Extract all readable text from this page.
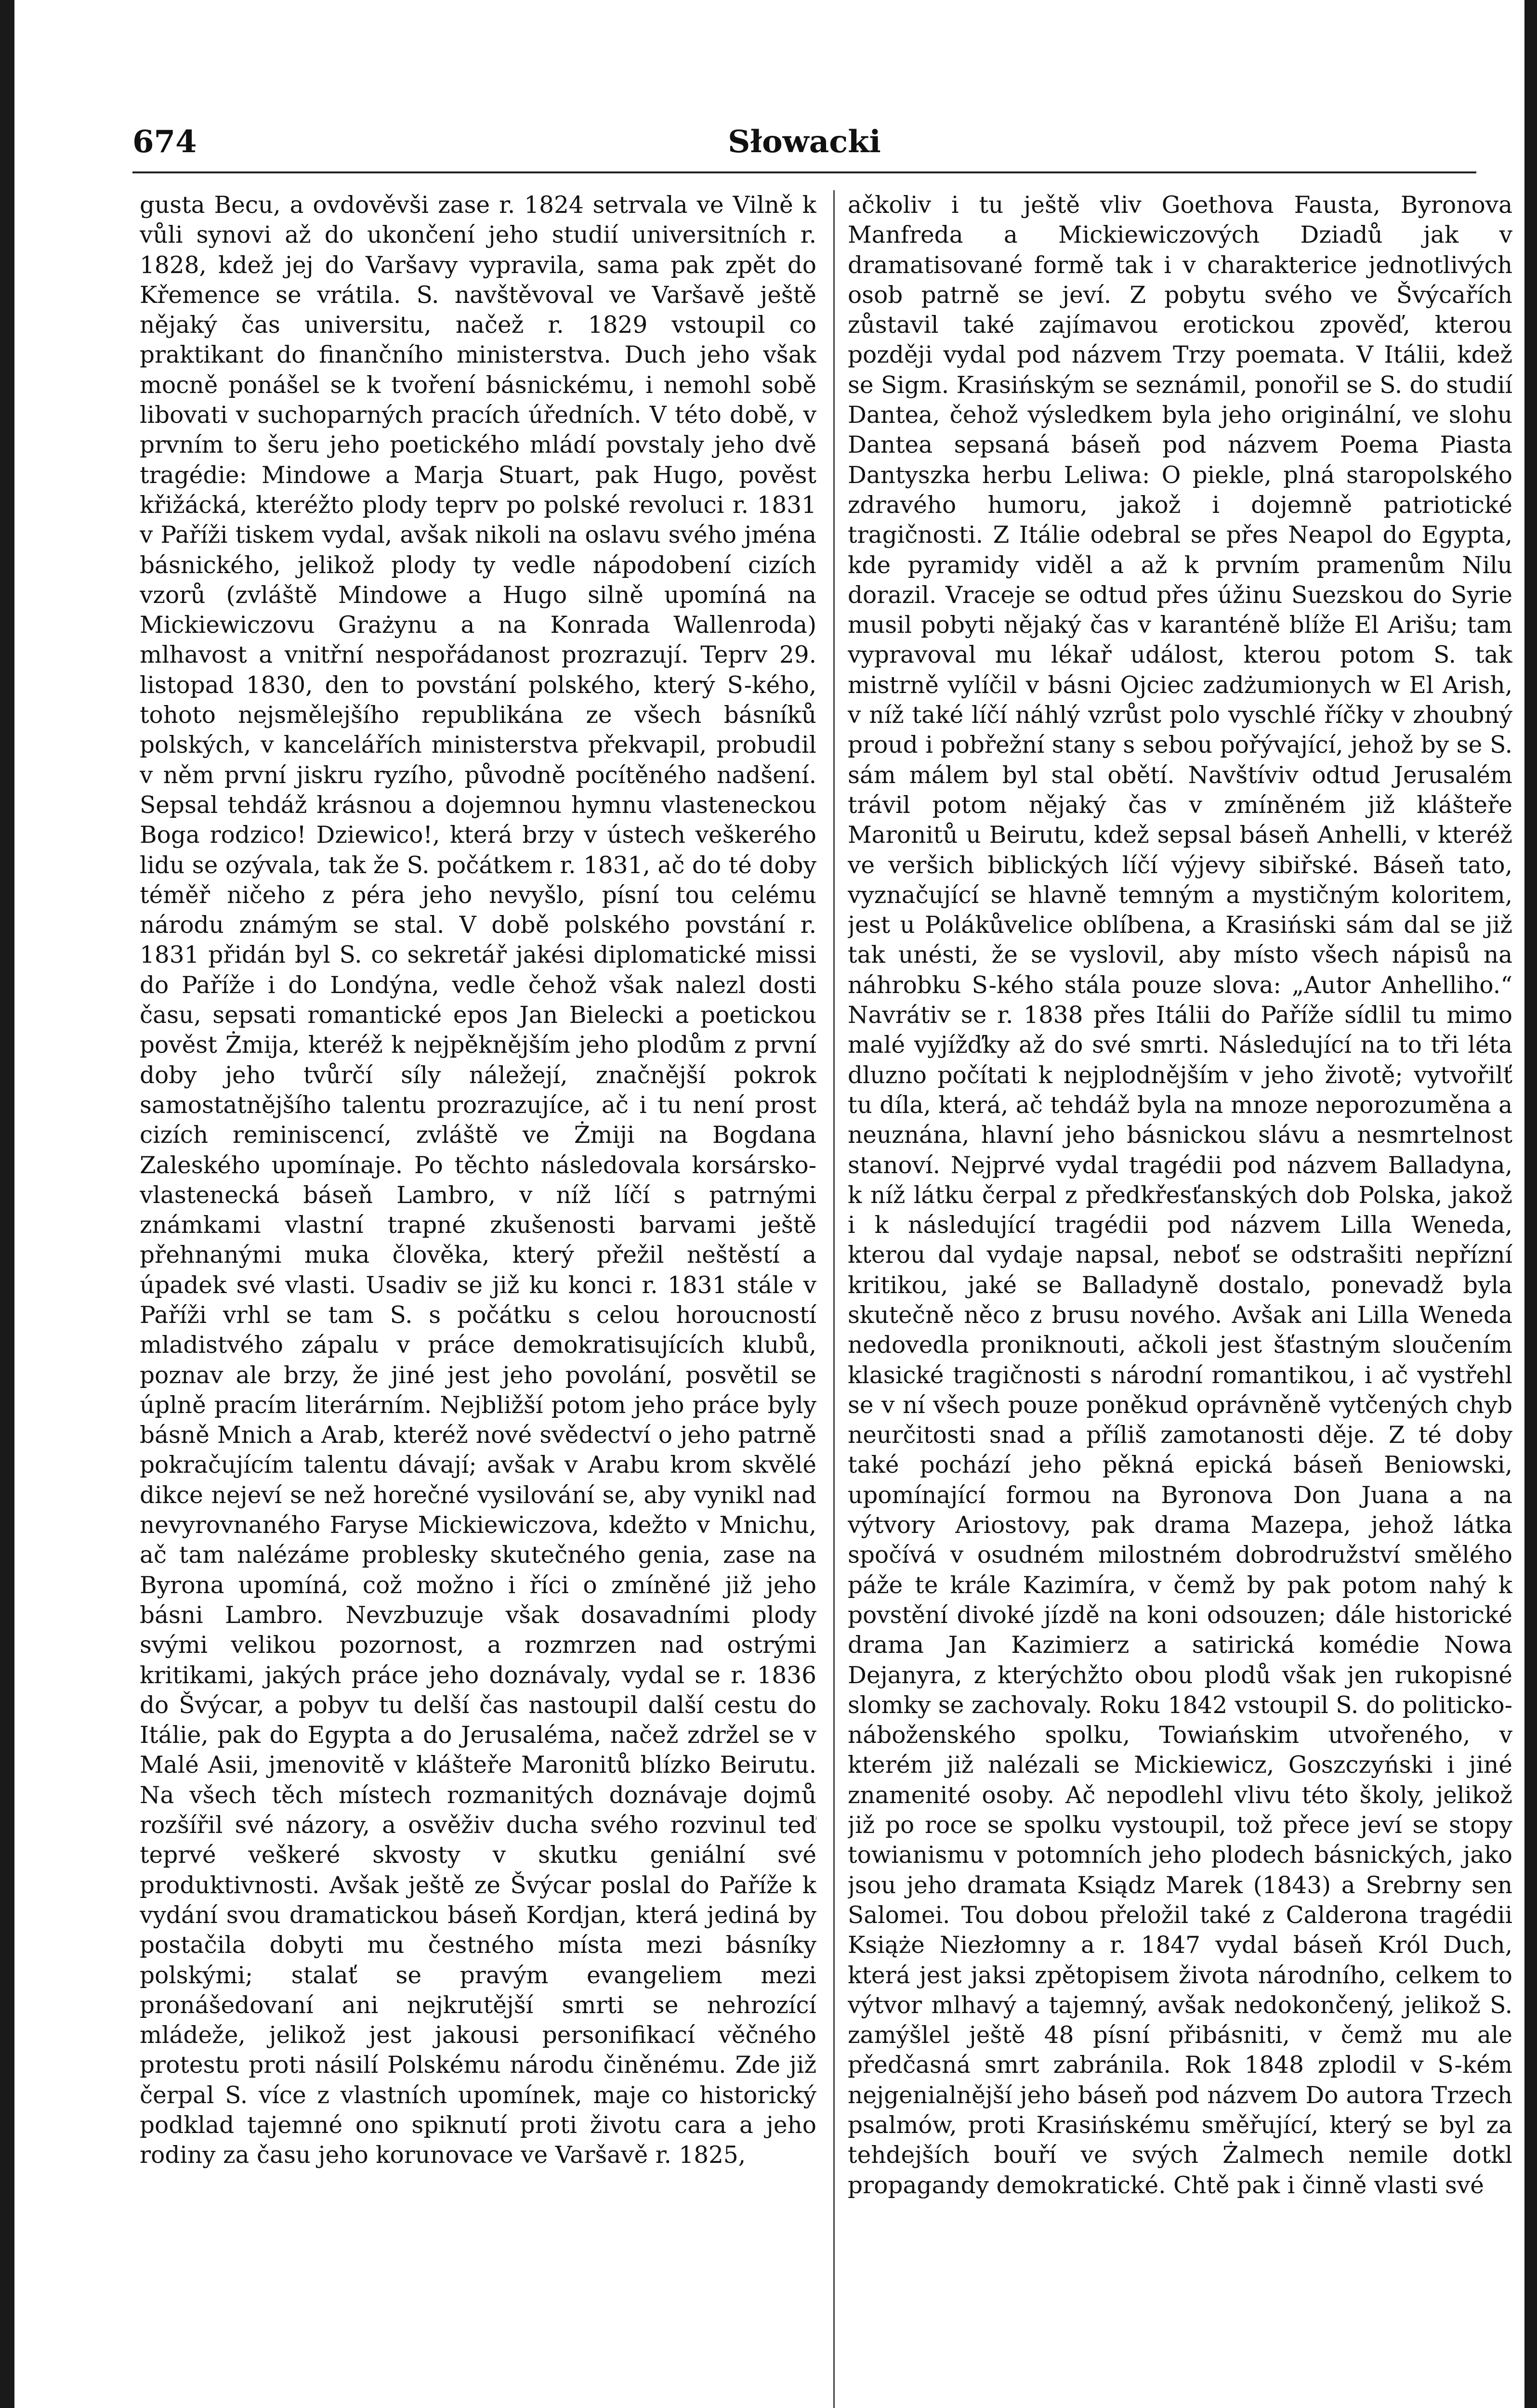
674	Słowacki

gusta Becu, a ovdověvši zase r. 1824 setrvala ve Vilně k vůli synovi až do ukončení jeho studií universitních r. 1828, kdež jej do Varšavy vypravila, sama pak zpět do Křemence se vrátila. S. navštěvoval ve Varšavě ještě nějaký čas universitu, načež r. 1829 vstoupil co praktikant do finančního ministerstva. Duch jeho však mocně ponášel se k tvoření básnickému, i nemohl sobě libovati v suchoparných pracích úředních. V této době, v prvním to šeru jeho poetického mládí povstaly jeho dvě tragédie: Mindowe a Marja Stuart, pak Hugo, pověst křižácká, kteréžto plody teprv po polské revoluci r. 1831 v Paříži tiskem vydal, avšak nikoli na oslavu svého jména básnického, jelikož plody ty vedle nápodobení cizích vzorů (zvláště Mindowe a Hugo silně upomíná na Mickiewiczovu Grażynu a na Konrada Wallenroda) mlhavost a vnitřní nespořádanost prozrazují. Teprv 29. listopad 1830, den to povstání polského, který S-kého, tohoto nejsmělejšího republikána ze všech básníků polských, v kancelářích ministerstva překvapil, probudil v něm první jiskru ryzího, původně pocítěného nadšení. Sepsal tehdáž krásnou a dojemnou hymnu vlasteneckou Boga rodzico! Dziewico!, která brzy v ústech veškerého lidu se ozývala, tak že S. počátkem r. 1831, ač do té doby téměř ničeho z péra jeho nevyšlo, písní tou celému národu známým se stal. V době polského povstání r. 1831 přidán byl S. co sekretář jakési diplomatické missi do Paříže i do Londýna, vedle čehož však nalezl dosti času, sepsati romantické epos Jan Bielecki a poetickou pověst Żmija, kteréž k nejpěknějším jeho plodům z první doby jeho tvůrčí síly náležejí, značnější pokrok samostatnějšího talentu prozrazujíce, ač i tu není prost cizích reminiscencí, zvláště ve Żmiji na Bogdana Zaleského upomínaje. Po těchto následovala korsársko-vlastenecká báseň Lambro, v níž líčí s patrnými známkami vlastní trapné zkušenosti barvami ještě přehnanými muka člověka, který přežil neštěstí a úpadek své vlasti. Usadiv se již ku konci r. 1831 stále v Paříži vrhl se tam S. s počátku s celou horoucností mladistvého zápalu v práce demokratisujících klubů, poznav ale brzy, že jiné jest jeho povolání, posvětil se úplně pracím literárním. Nejbližší potom jeho práce byly básně Mnich a Arab, kteréž nové svědectví o jeho patrně pokračujícím talentu dávají; avšak v Arabu krom skvělé dikce nejeví se než horečné vysilování se, aby vynikl nad nevyrovnaného Faryse Mickiewiczova, kdežto v Mnichu, ač tam nalézáme problesky skutečného genia, zase na Byrona upomíná, což možno i říci o zmíněné již jeho básni Lambro. Nevzbuzuje však dosavadními plody svými velikou pozornost, a rozmrzen nad ostrými kritikami, jakých práce jeho doznávaly, vydal se r. 1836 do Švýcar, a pobyv tu delší čas nastoupil další cestu do Itálie, pak do Egypta a do Jerusaléma, načež zdržel se v Malé Asii, jmenovitě v klášteře Maronitů blízko Beirutu. Na všech těch místech rozmanitých doznávaje dojmů rozšířil své názory, a osvěživ ducha svého rozvinul teď teprvé veškeré skvosty v skutku geniální své produktivnosti. Avšak ještě ze Švýcar poslal do Paříže k vydání svou dramatickou báseň Kordjan, která jediná by postačila dobyti mu čestného místa mezi básníky polskými; stalať se pravým evangeliem mezi pronášedovaní ani nejkrutější smrti se nehrozící mládeže, jelikož jest jakousi personifikací věčného protestu proti násilí Polskému národu činěnému. Zde již čerpal S. více z vlastních upomínek, maje co historický podklad tajemné ono spiknutí proti životu cara a jeho rodiny za času jeho korunovace ve Varšavě r. 1825,

ačkoliv i tu ještě vliv Goethova Fausta, Byronova Manfreda a Mickiewiczových Dziadů jak v dramatisované formě tak i v charakterice jednotlivých osob patrně se jeví. Z pobytu svého ve Švýcařích zůstavil také zajímavou erotickou zpověď, kterou později vydal pod názvem Trzy poemata. V Itálii, kdež se Sigm. Krasińským se seznámil, ponořil se S. do studií Dantea, čehož výsledkem byla jeho originální, ve slohu Dantea sepsaná báseň pod názvem Poema Piasta Dantyszka herbu Leliwa: O piekle, plná staropolského zdravého humoru, jakož i dojemně patriotické tragičnosti. Z Itálie odebral se přes Neapol do Egypta, kde pyramidy viděl a až k prvním pramenům Nilu dorazil. Vraceje se odtud přes úžinu Suezskou do Syrie musil pobyti nějaký čas v karanténě blíže El Arišu; tam vypravoval mu lékař událost, kterou potom S. tak mistrně vylíčil v básni Ojciec zadżumionych w El Arish, v níž také líčí náhlý vzrůst polo vyschlé říčky v zhoubný proud i pobřežní stany s sebou pořývající, jehož by se S. sám málem byl stal obětí. Navštíviv odtud Jerusalém trávil potom nějaký čas v zmíněném již klášteře Maronitů u Beirutu, kdež sepsal báseň Anhelli, v kteréž ve veršich biblických líčí výjevy sibiřské. Báseň tato, vyznačující se hlavně temným a mystičným koloritem, jest u Polákůvelice oblíbena, a Krasiński sám dal se již tak unésti, že se vyslovil, aby místo všech nápisů na náhrobku S-kého stála pouze slova: „Autor Anhelliho.“ Navrátiv se r. 1838 přes Itálii do Paříže sídlil tu mimo malé vyjížďky až do své smrti. Následující na to tři léta dluzno počítati k nejplodnějším v jeho životě; vytvořilť tu díla, která, ač tehdáž byla na mnoze neporozuměna a neuznána, hlavní jeho básnickou slávu a nesmrtelnost stanoví. Nejprvé vydal tragédii pod názvem Balladyna, k níž látku čerpal z předkřesťanských dob Polska, jakož i k následující tragédii pod názvem Lilla Weneda, kterou dal vydaje napsal, neboť se odstrašiti nepřízní kritikou, jaké se Balladyně dostalo, ponevadž byla skutečně něco z brusu nového. Avšak ani Lilla Weneda nedovedla proniknouti, ačkoli jest šťastným sloučením klasické tragičnosti s národní romantikou, i ač vystřehl se v ní všech pouze poněkud oprávněně vytčených chyb neurčitosti snad a příliš zamotanosti děje. Z té doby také pochází jeho pěkná epická báseň Beniowski, upomínající formou na Byronova Don Juana a na výtvory Ariostovy, pak drama Mazepa, jehož látka spočívá v osudném milostném dobrodružství smělého páže te krále Kazimíra, v čemž by pak potom nahý k povstění divoké jízdě na koni odsouzen; dále historické drama Jan Kazimierz a satirická komédie Nowa Dejanyra, z kterýchžto obou plodů však jen rukopisné slomky se zachovaly. Roku 1842 vstoupil S. do politicko-náboženského spolku, Towiańskim utvořeného, v kterém již nalézali se Mickiewicz, Goszczyński i jiné znamenité osoby. Ač nepodlehl vlivu této školy, jelikož již po roce se spolku vystoupil, tož přece jeví se stopy towianismu v potomních jeho plodech básnických, jako jsou jeho dramata Ksiądz Marek (1843) a Srebrny sen Salomei. Tou dobou přeložil také z Calderona tragédii Książe Niezłomny a r. 1847 vydal báseň Król Duch, která jest jaksi zpětopisem života národního, celkem to výtvor mlhavý a tajemný, avšak nedokončený, jelikož S. zamýšlel ještě 48 písní přibásniti, v čemž mu ale předčasná smrt zabránila. Rok 1848 zplodil v S-kém nejgenialnější jeho báseň pod názvem Do autora Trzech psalmów, proti Krasińskému směřující, který se byl za tehdejších bouří ve svých Żalmech nemile dotkl propagandy demokratické. Chtě pak i činně vlasti své
